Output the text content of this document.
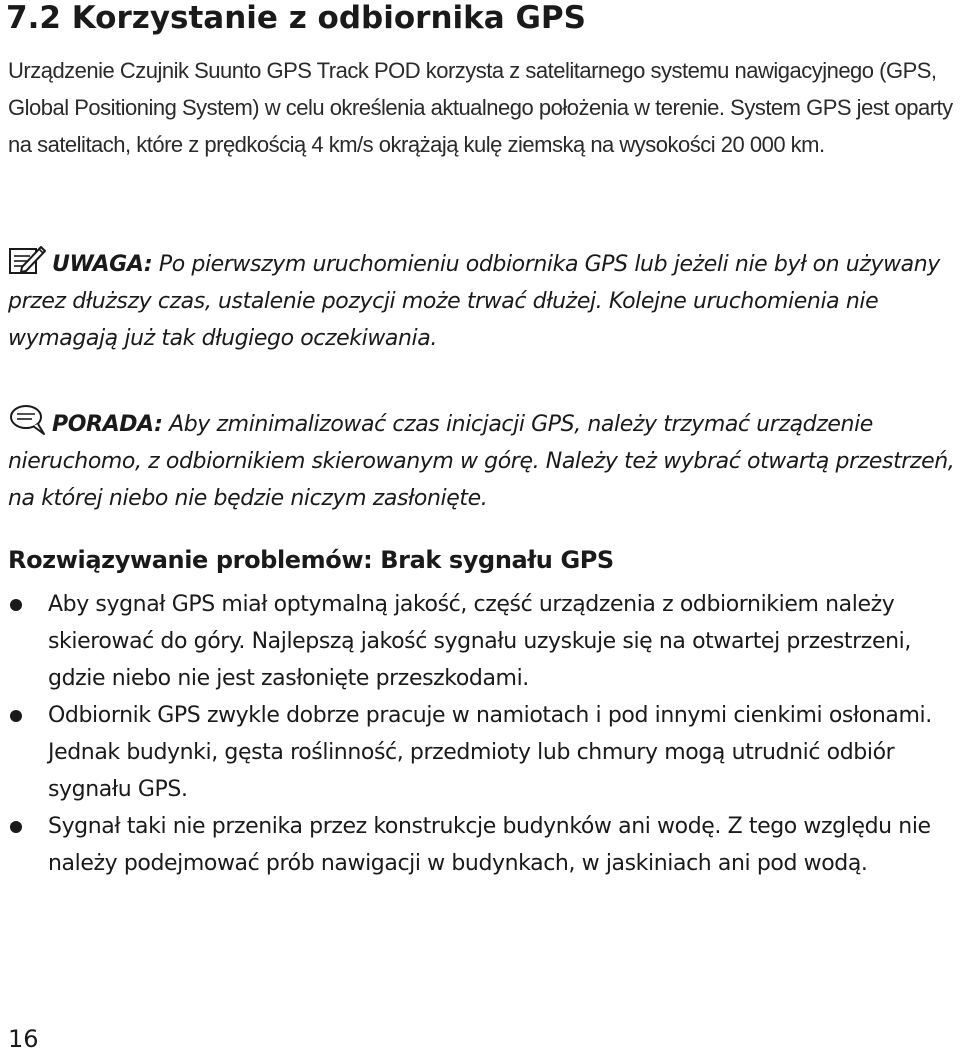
7.2 Korzystanie z odbiornika GPS

Urządzenie Czujnik Suunto GPS Track POD korzysta z satelitarnego systemu nawigacyjnego (GPS, Global Positioning System) w celu określenia aktualnego położenia w terenie. System GPS jest oparty na satelitach, które z prędkością 4 km/s okrążają kulę ziemską na wysokości 20 000 km.

UWAGA: Po pierwszym uruchomieniu odbiornika GPS lub jeżeli nie był on używany przez dłuższy czas, ustalenie pozycji może trwać dłużej. Kolejne uruchomienia nie wymagają już tak długiego oczekiwania.

PORADA: Aby zminimalizować czas inicjacji GPS, należy trzymać urządzenie nieruchomo, z odbiornikiem skierowanym w górę. Należy też wybrać otwartą przestrzeń, na której niebo nie będzie niczym zasłonięte.

Rozwiązywanie problemów: Brak sygnału GPS
Aby sygnał GPS miał optymalną jakość, część urządzenia z odbiornikiem należy skierować do góry. Najlepszą jakość sygnału uzyskuje się na otwartej przestrzeni, gdzie niebo nie jest zasłonięte przeszkodami.
Odbiornik GPS zwykle dobrze pracuje w namiotach i pod innymi cienkimi osłonami. Jednak budynki, gęsta roślinność, przedmioty lub chmury mogą utrudnić odbiór sygnału GPS.
Sygnał taki nie przenika przez konstrukcje budynków ani wodę. Z tego względu nie należy podejmować prób nawigacji w budynkach, w jaskiniach ani pod wodą.

16
